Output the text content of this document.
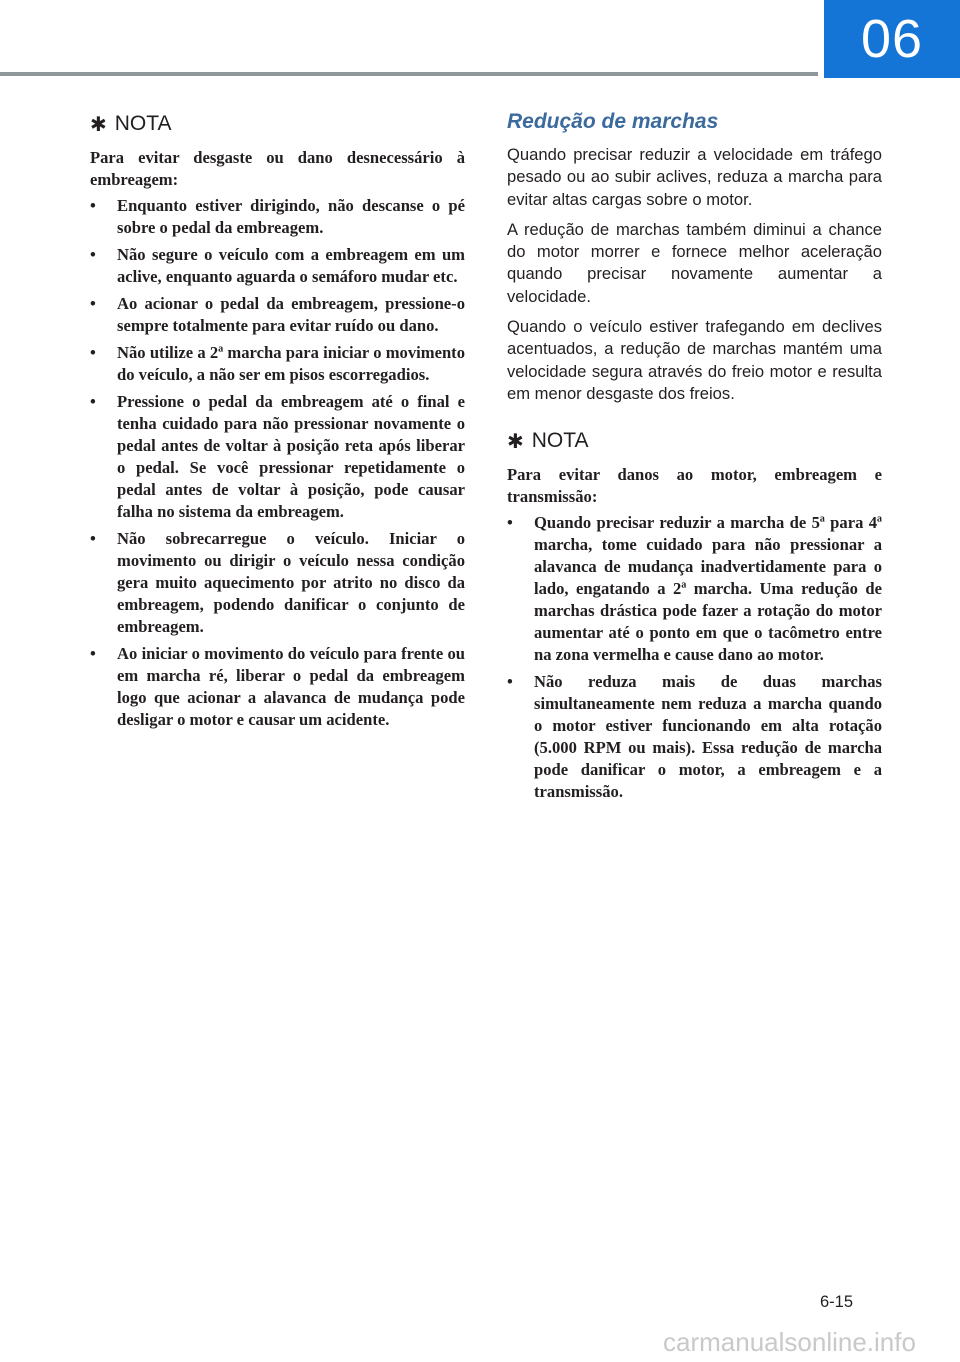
06
✱ NOTA

Para evitar desgaste ou dano desnecessário à embreagem:

• Enquanto estiver dirigindo, não descanse o pé sobre o pedal da embreagem.
• Não segure o veículo com a embreagem em um aclive, enquanto aguarda o semáforo mudar etc.
• Ao acionar o pedal da embreagem, pressione-o sempre totalmente para evitar ruído ou dano.
• Não utilize a 2ª marcha para iniciar o movimento do veículo, a não ser em pisos escorregadios.
• Pressione o pedal da embreagem até o final e tenha cuidado para não pressionar novamente o pedal antes de voltar à posição reta após liberar o pedal. Se você pressionar repetidamente o pedal antes de voltar à posição, pode causar falha no sistema da embreagem.
• Não sobrecarregue o veículo. Iniciar o movimento ou dirigir o veículo nessa condição gera muito aquecimento por atrito no disco da embreagem, podendo danificar o conjunto de embreagem.
• Ao iniciar o movimento do veículo para frente ou em marcha ré, liberar o pedal da embreagem logo que acionar a alavanca de mudança pode desligar o motor e causar um acidente.
Redução de marchas

Quando precisar reduzir a velocidade em tráfego pesado ou ao subir aclives, reduza a marcha para evitar altas cargas sobre o motor.

A redução de marchas também diminui a chance do motor morrer e fornece melhor aceleração quando precisar novamente aumentar a velocidade.

Quando o veículo estiver trafegando em declives acentuados, a redução de marchas mantém uma velocidade segura através do freio motor e resulta em menor desgaste dos freios.

✱ NOTA

Para evitar danos ao motor, embreagem e transmissão:

• Quando precisar reduzir a marcha de 5ª para 4ª marcha, tome cuidado para não pressionar a alavanca de mudança inadvertidamente para o lado, engatando a 2ª marcha. Uma redução de marchas drástica pode fazer a rotação do motor aumentar até o ponto em que o tacômetro entre na zona vermelha e cause dano ao motor.
• Não reduza mais de duas marchas simultaneamente nem reduza a marcha quando o motor estiver funcionando em alta rotação (5.000 RPM ou mais). Essa redução de marcha pode danificar o motor, a embreagem e a transmissão.
6-15
carmanualsonline.info
